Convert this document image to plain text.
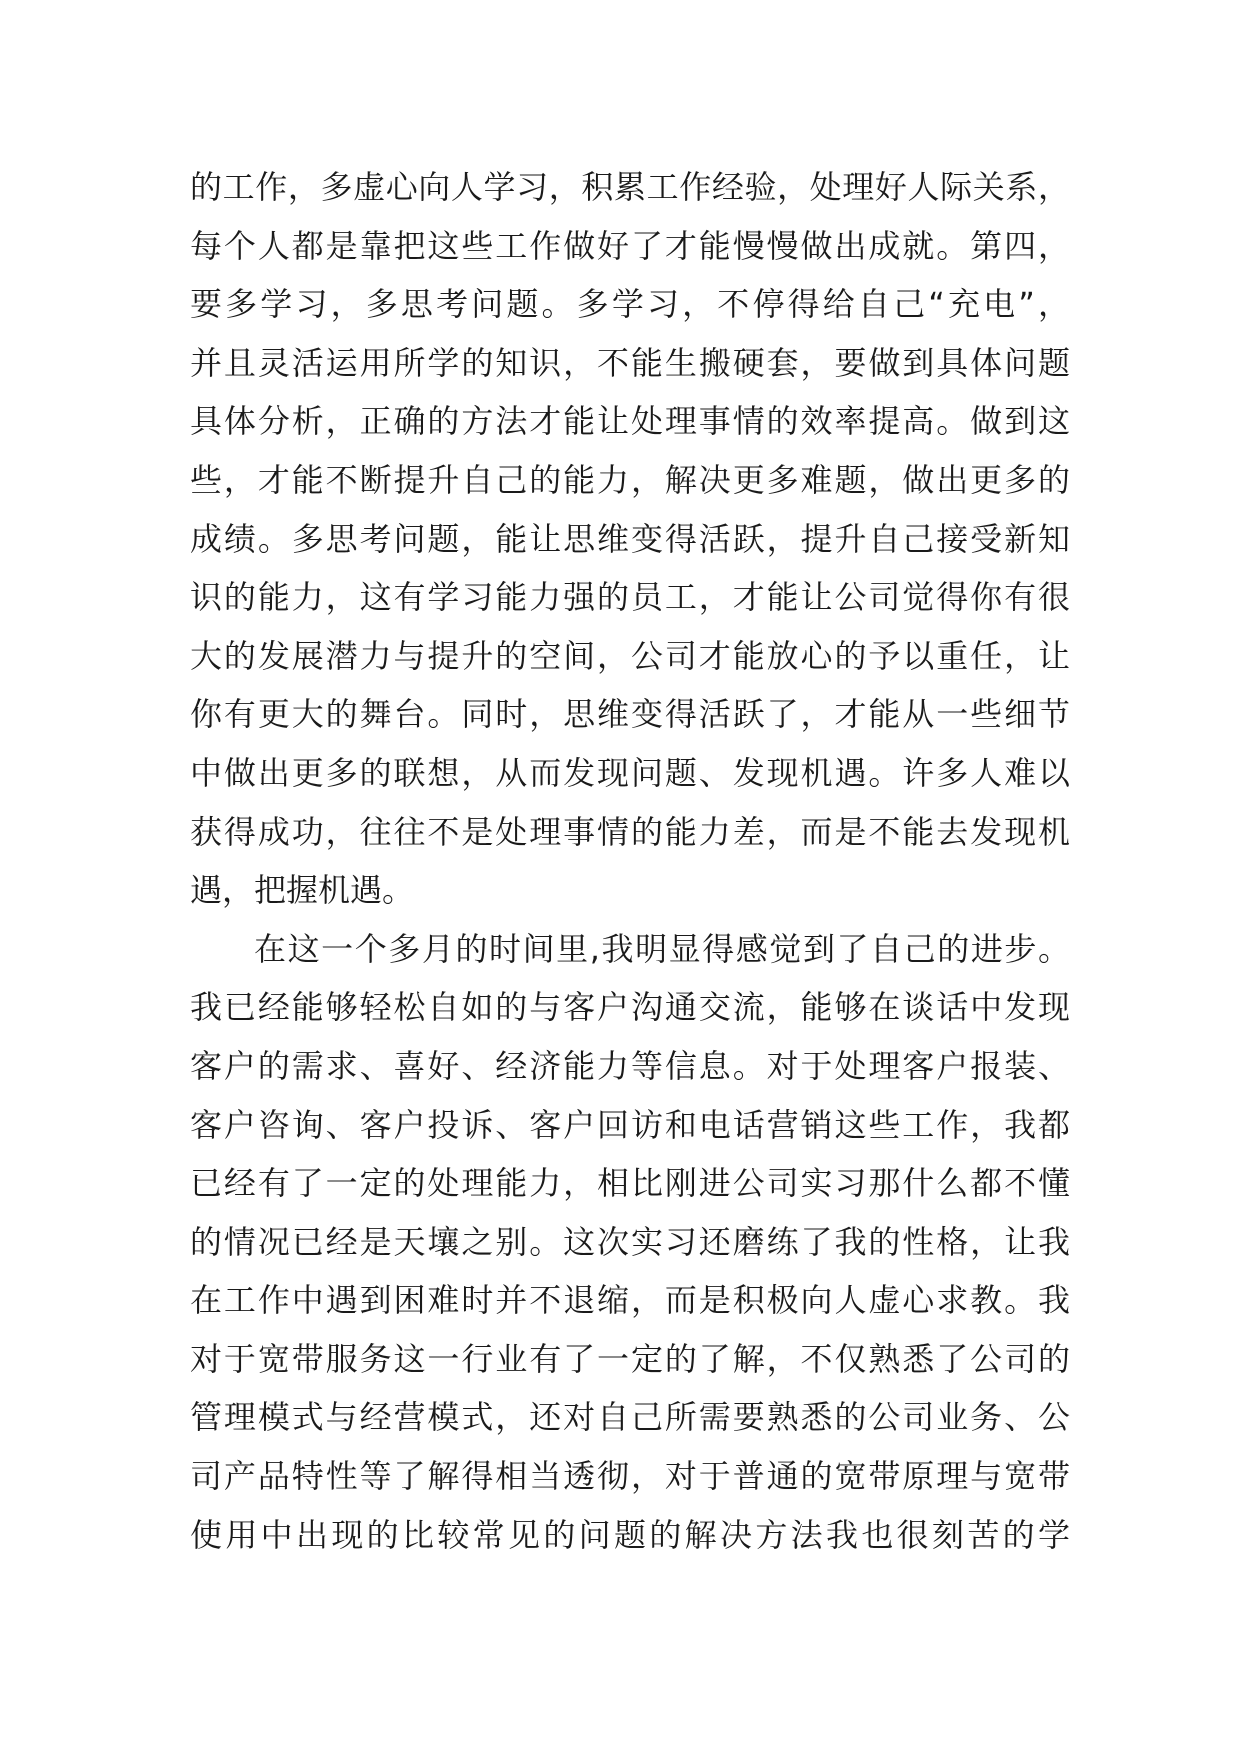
的工作，多虚心向人学习，积累工作经验，处理好人际关系，
每个人都是靠把这些工作做好了才能慢慢做出成就。第四，
要多学习，多思考问题。多学习，不停得给自己“充电”，
并且灵活运用所学的知识，不能生搬硬套，要做到具体问题
具体分析，正确的方法才能让处理事情的效率提高。做到这
些，才能不断提升自己的能力，解决更多难题，做出更多的
成绩。多思考问题，能让思维变得活跃，提升自己接受新知
识的能力，这有学习能力强的员工，才能让公司觉得你有很
大的发展潜力与提升的空间，公司才能放心的予以重任，让
你有更大的舞台。同时，思维变得活跃了，才能从一些细节
中做出更多的联想，从而发现问题、发现机遇。许多人难以
获得成功，往往不是处理事情的能力差，而是不能去发现机
遇，把握机遇。
在这一个多月的时间里,我明显得感觉到了自己的进步。
我已经能够轻松自如的与客户沟通交流，能够在谈话中发现
客户的需求、喜好、经济能力等信息。对于处理客户报装、
客户咨询、客户投诉、客户回访和电话营销这些工作，我都
已经有了一定的处理能力，相比刚进公司实习那什么都不懂
的情况已经是天壤之别。这次实习还磨练了我的性格，让我
在工作中遇到困难时并不退缩，而是积极向人虚心求教。我
对于宽带服务这一行业有了一定的了解，不仅熟悉了公司的
管理模式与经营模式，还对自己所需要熟悉的公司业务、公
司产品特性等了解得相当透彻，对于普通的宽带原理与宽带
使用中出现的比较常见的问题的解决方法我也很刻苦的学
